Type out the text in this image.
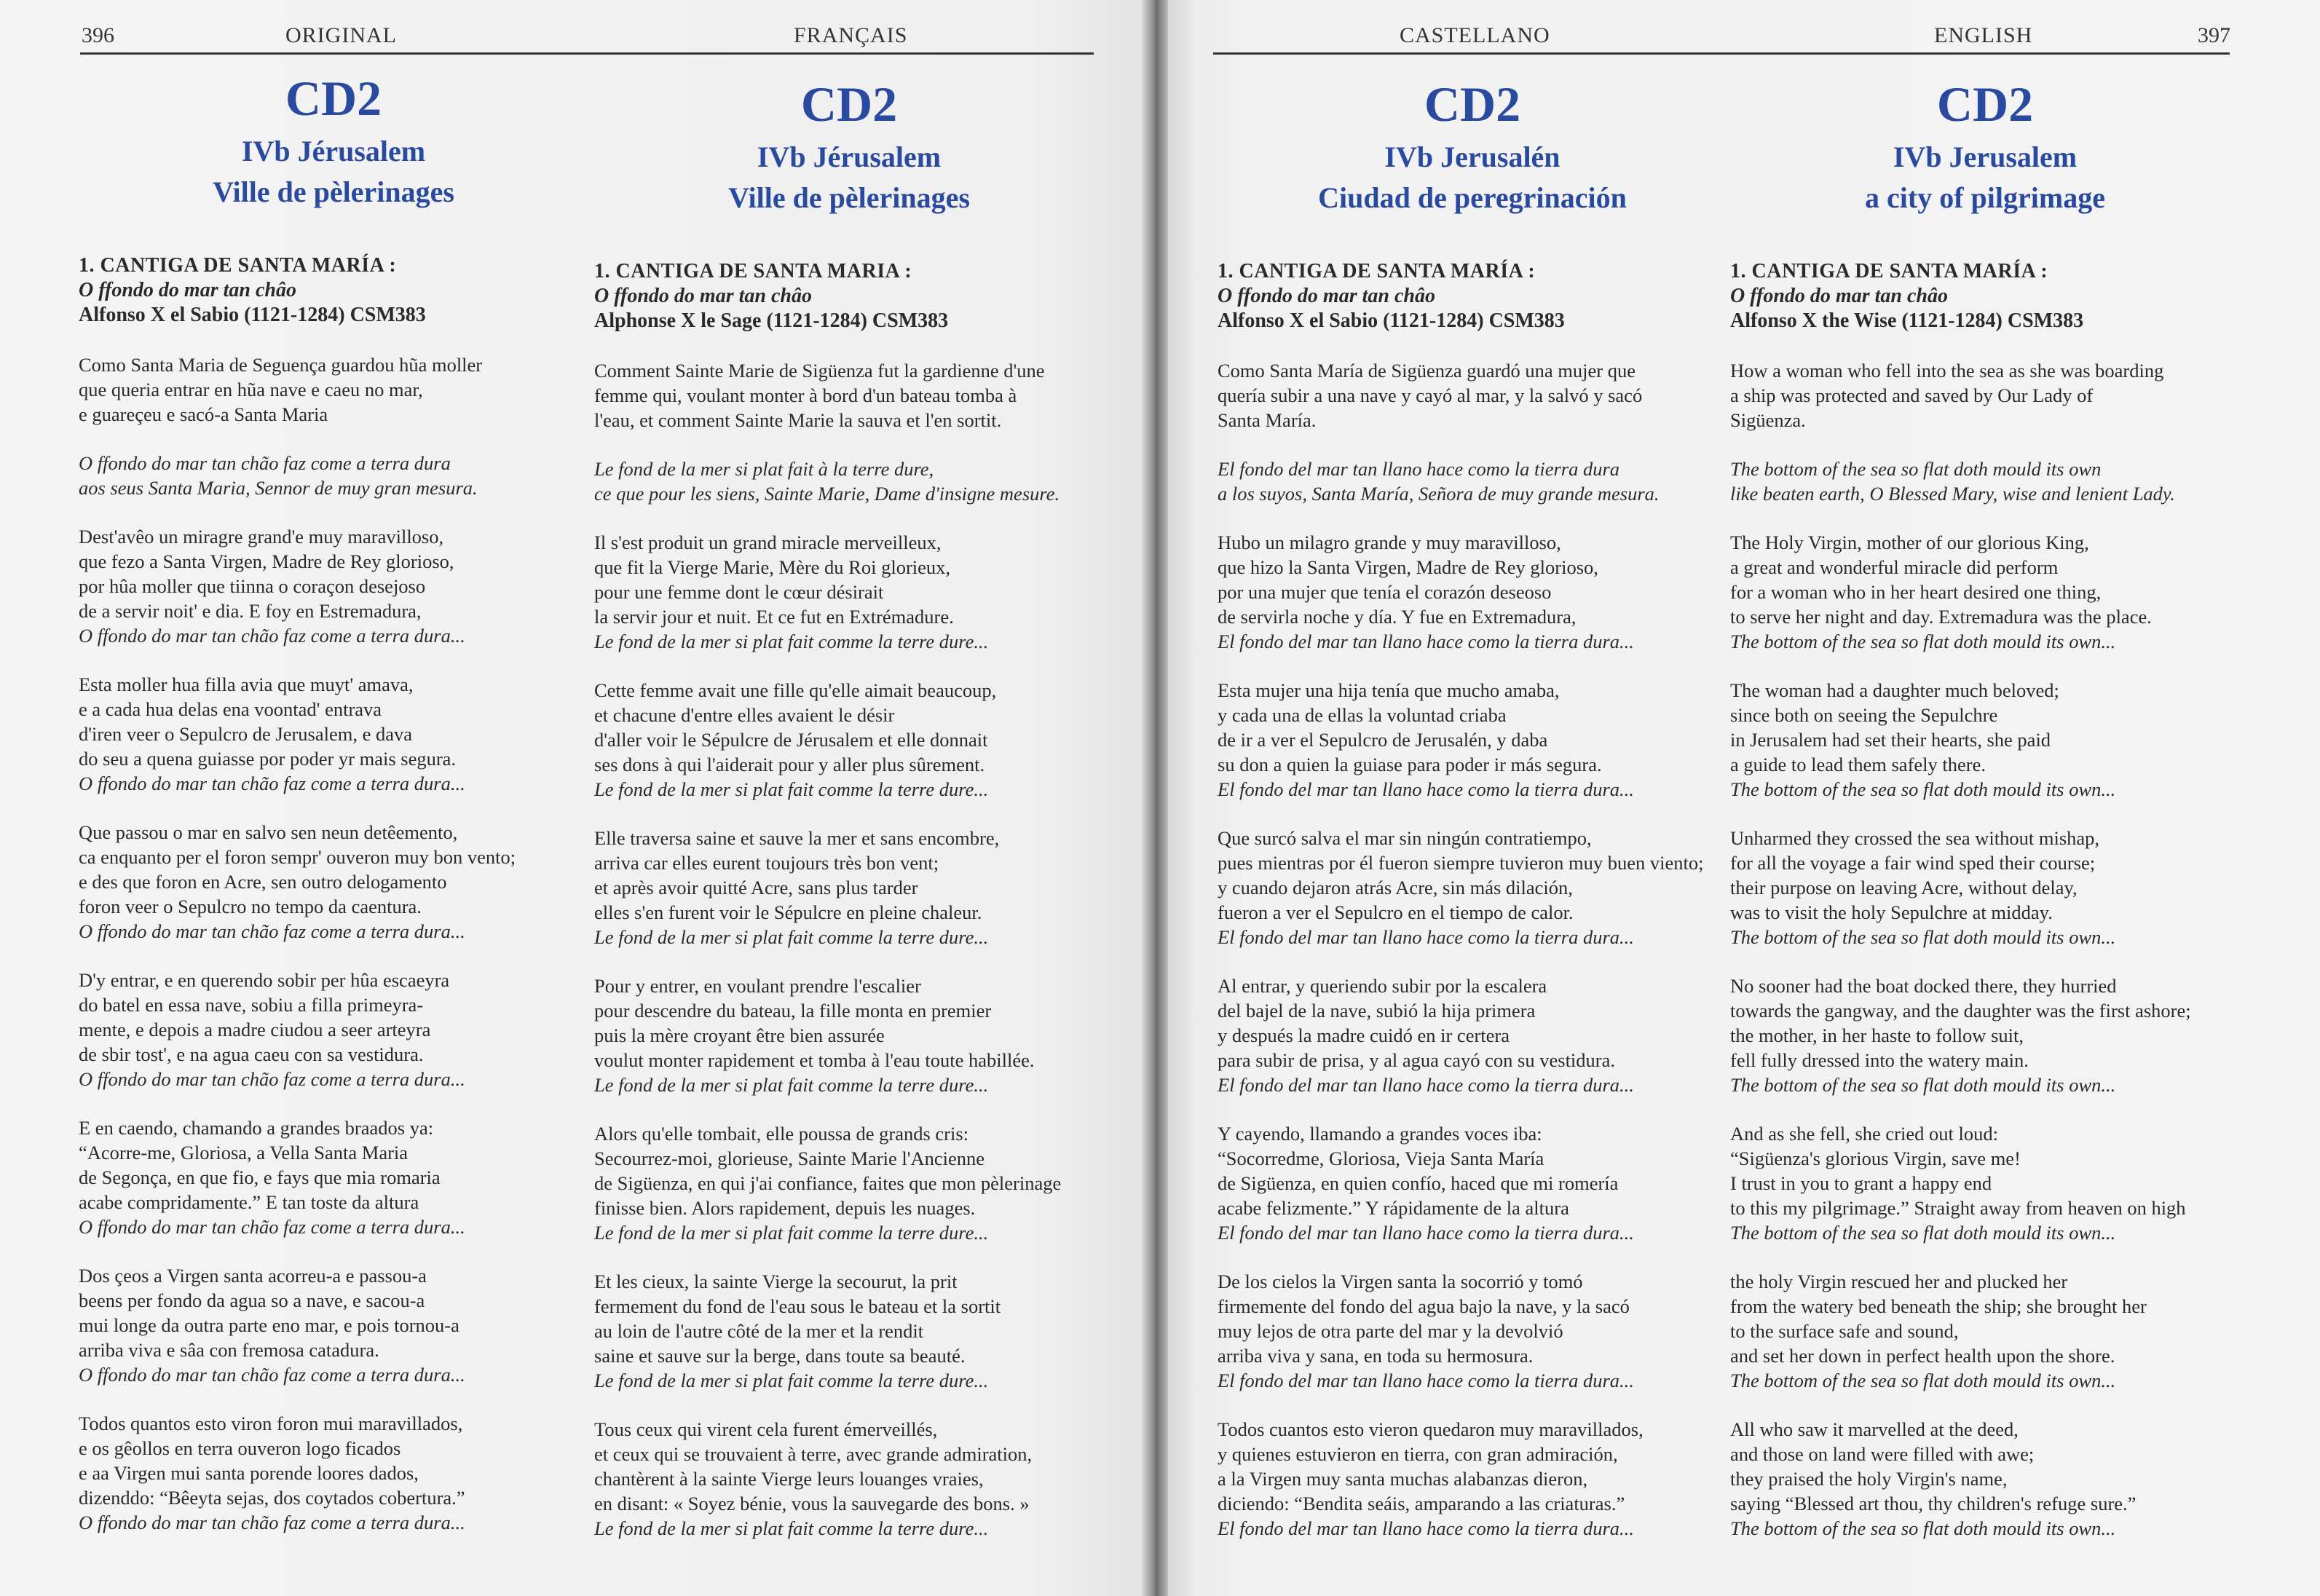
396	ORIGINAL	FRANÇAIS	CASTELLANO	ENGLISH	397
CD2
IVb Jérusalem
Ville de pèlerinages
1. CANTIGA DE SANTA MARÍA :
O ffondo do mar tan châo
Alfonso X el Sabio (1121-1284) CSM383
Como Santa Maria de Seguença guardou hũa moller
que queria entrar en hũa nave e caeu no mar,
e guareçeu e sacó-a Santa Maria
O ffondo do mar tan chão faz come a terra dura
aos seus Santa Maria, Sennor de muy gran mesura.
Dest'avêo un miragre grand'e muy maravilloso,
que fezo a Santa Virgen, Madre de Rey glorioso,
por hûa moller que tiinna o coraçon desejoso
de a servir noit' e dia. E foy en Estremadura,
O ffondo do mar tan chão faz come a terra dura...
Esta moller hua filla avia que muyt' amava,
e a cada hua delas ena voontad' entrava
d'iren veer o Sepulcro de Jerusalem, e dava
do seu a quena guiasse por poder yr mais segura.
O ffondo do mar tan chão faz come a terra dura...
Que passou o mar en salvo sen neun detêemento,
ca enquanto per el foron sempr' ouveron muy bon vento;
e des que foron en Acre, sen outro delogamento
foron veer o Sepulcro no tempo da caentura.
O ffondo do mar tan chão faz come a terra dura...
D'y entrar, e en querendo sobir per hûa escaeyra
do batel en essa nave, sobiu a filla primeyra-
mente, e depois a madre ciudou a seer arteyra
de sbir tost', e na agua caeu con sa vestidura.
O ffondo do mar tan chão faz come a terra dura...
E en caendo, chamando a grandes braados ya:
“Acorre-me, Gloriosa, a Vella Santa Maria
de Segonça, en que fio, e fays que mia romaria
acabe compridamente.” E tan toste da altura
O ffondo do mar tan chão faz come a terra dura...
Dos çeos a Virgen santa acorreu-a e passou-a
beens per fondo da agua so a nave, e sacou-a
mui longe da outra parte eno mar, e pois tornou-a
arriba viva e sâa con fremosa catadura.
O ffondo do mar tan chão faz come a terra dura...
Todos quantos esto viron foron mui maravillados,
e os gêollos en terra ouveron logo ficados
e aa Virgen mui santa porende loores dados,
dizenddo: “Bêeyta sejas, dos coytados cobertura.”
O ffondo do mar tan chão faz come a terra dura...
CD2
IVb Jérusalem
Ville de pèlerinages
1. CANTIGA DE SANTA MARIA :
O ffondo do mar tan châo
Alphonse X le Sage (1121-1284) CSM383
Comment Sainte Marie de Sigüenza fut la gardienne d'une
femme qui, voulant monter à bord d'un bateau tomba à
l'eau, et comment Sainte Marie la sauva et l'en sortit.
Le fond de la mer si plat fait à la terre dure,
ce que pour les siens, Sainte Marie, Dame d'insigne mesure.
Il s'est produit un grand miracle merveilleux,
que fit la Vierge Marie, Mère du Roi glorieux,
pour une femme dont le cœur désirait
la servir jour et nuit. Et ce fut en Extrémadure.
Le fond de la mer si plat fait comme la terre dure...
Cette femme avait une fille qu'elle aimait beaucoup,
et chacune d'entre elles avaient le désir
d'aller voir le Sépulcre de Jérusalem et elle donnait
ses dons à qui l'aiderait pour y aller plus sûrement.
Le fond de la mer si plat fait comme la terre dure...
Elle traversa saine et sauve la mer et sans encombre,
arriva car elles eurent toujours très bon vent;
et après avoir quitté Acre, sans plus tarder
elles s'en furent voir le Sépulcre en pleine chaleur.
Le fond de la mer si plat fait comme la terre dure...
Pour y entrer, en voulant prendre l'escalier
pour descendre du bateau, la fille monta en premier
puis la mère croyant être bien assurée
voulut monter rapidement et tomba à l'eau toute habillée.
Le fond de la mer si plat fait comme la terre dure...
Alors qu'elle tombait, elle poussa de grands cris:
Secourrez-moi, glorieuse, Sainte Marie l'Ancienne
de Sigüenza, en qui j'ai confiance, faites que mon pèlerinage
finisse bien. Alors rapidement, depuis les nuages.
Le fond de la mer si plat fait comme la terre dure...
Et les cieux, la sainte Vierge la secourut, la prit
fermement du fond de l'eau sous le bateau et la sortit
au loin de l'autre côté de la mer et la rendit
saine et sauve sur la berge, dans toute sa beauté.
Le fond de la mer si plat fait comme la terre dure...
Tous ceux qui virent cela furent émerveillés,
et ceux qui se trouvaient à terre, avec grande admiration,
chantèrent à la sainte Vierge leurs louanges vraies,
en disant: « Soyez bénie, vous la sauvegarde des bons. »
Le fond de la mer si plat fait comme la terre dure...
CD2
IVb Jerusalén
Ciudad de peregrinación
1. CANTIGA DE SANTA MARÍA :
O ffondo do mar tan châo
Alfonso X el Sabio (1121-1284) CSM383
Como Santa María de Sigüenza guardó una mujer que
quería subir a una nave y cayó al mar, y la salvó y sacó
Santa María.
El fondo del mar tan llano hace como la tierra dura
a los suyos, Santa María, Señora de muy grande mesura.
Hubo un milagro grande y muy maravilloso,
que hizo la Santa Virgen, Madre de Rey glorioso,
por una mujer que tenía el corazón deseoso
de servirla noche y día. Y fue en Extremadura,
El fondo del mar tan llano hace como la tierra dura...
Esta mujer una hija tenía que mucho amaba,
y cada una de ellas la voluntad criaba
de ir a ver el Sepulcro de Jerusalén, y daba
su don a quien la guiase para poder ir más segura.
El fondo del mar tan llano hace como la tierra dura...
Que surcó salva el mar sin ningún contratiempo,
pues mientras por él fueron siempre tuvieron muy buen viento;
y cuando dejaron atrás Acre, sin más dilación,
fueron a ver el Sepulcro en el tiempo de calor.
El fondo del mar tan llano hace como la tierra dura...
Al entrar, y queriendo subir por la escalera
del bajel de la nave, subió la hija primera
y después la madre cuidó en ir certera
para subir de prisa, y al agua cayó con su vestidura.
El fondo del mar tan llano hace como la tierra dura...
Y cayendo, llamando a grandes voces iba:
“Socorredme, Gloriosa, Vieja Santa María
de Sigüenza, en quien confío, haced que mi romería
acabe felizmente.” Y rápidamente de la altura
El fondo del mar tan llano hace como la tierra dura...
De los cielos la Virgen santa la socorrió y tomó
firmemente del fondo del agua bajo la nave, y la sacó
muy lejos de otra parte del mar y la devolvió
arriba viva y sana, en toda su hermosura.
El fondo del mar tan llano hace como la tierra dura...
Todos cuantos esto vieron quedaron muy maravillados,
y quienes estuvieron en tierra, con gran admiración,
a la Virgen muy santa muchas alabanzas dieron,
diciendo: “Bendita seáis, amparando a las criaturas.”
El fondo del mar tan llano hace como la tierra dura...
CD2
IVb Jerusalem
a city of pilgrimage
1. CANTIGA DE SANTA MARÍA :
O ffondo do mar tan châo
Alfonso X the Wise (1121-1284) CSM383
How a woman who fell into the sea as she was boarding
a ship was protected and saved by Our Lady of
Sigüenza.
The bottom of the sea so flat doth mould its own
like beaten earth, O Blessed Mary, wise and lenient Lady.
The Holy Virgin, mother of our glorious King,
a great and wonderful miracle did perform
for a woman who in her heart desired one thing,
to serve her night and day. Extremadura was the place.
The bottom of the sea so flat doth mould its own...
The woman had a daughter much beloved;
since both on seeing the Sepulchre
in Jerusalem had set their hearts, she paid
a guide to lead them safely there.
The bottom of the sea so flat doth mould its own...
Unharmed they crossed the sea without mishap,
for all the voyage a fair wind sped their course;
their purpose on leaving Acre, without delay,
was to visit the holy Sepulchre at midday.
The bottom of the sea so flat doth mould its own...
No sooner had the boat docked there, they hurried
towards the gangway, and the daughter was the first ashore;
the mother, in her haste to follow suit,
fell fully dressed into the watery main.
The bottom of the sea so flat doth mould its own...
And as she fell, she cried out loud:
“Sigüenza's glorious Virgin, save me!
I trust in you to grant a happy end
to this my pilgrimage.” Straight away from heaven on high
The bottom of the sea so flat doth mould its own...
the holy Virgin rescued her and plucked her
from the watery bed beneath the ship; she brought her
to the surface safe and sound,
and set her down in perfect health upon the shore.
The bottom of the sea so flat doth mould its own...
All who saw it marvelled at the deed,
and those on land were filled with awe;
they praised the holy Virgin's name,
saying “Blessed art thou, thy children's refuge sure.”
The bottom of the sea so flat doth mould its own...
